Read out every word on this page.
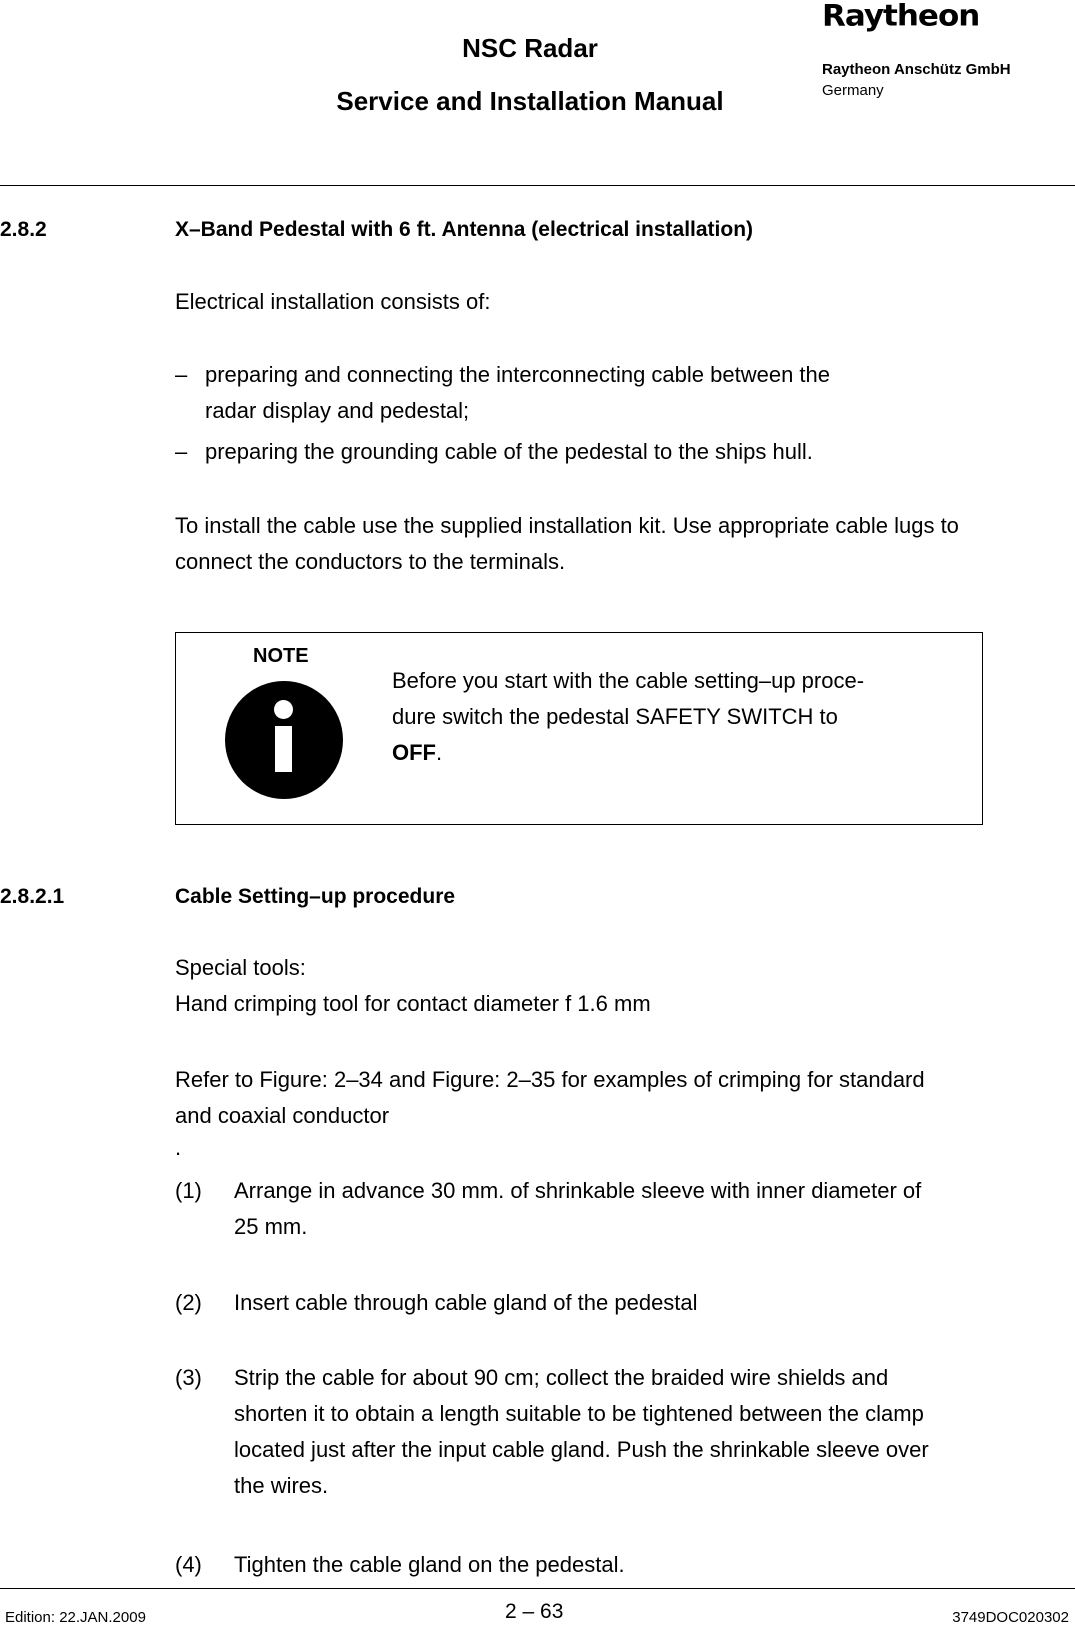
NSC Radar
Service and Installation Manual
Raytheon
Raytheon Anschütz GmbH
Germany
2.8.2	X–Band Pedestal with 6 ft. Antenna (electrical installation)
Electrical installation consists of:
– preparing and connecting the interconnecting cable between the
radar display and pedestal;
– preparing the grounding cable of the pedestal to the ships hull.
To install the cable use the supplied installation kit. Use appropriate cable lugs to
connect the conductors to the terminals.
NOTE
Before you start with the cable setting–up proce-
dure switch the pedestal SAFETY SWITCH to
OFF.
2.8.2.1	Cable Setting–up procedure
Special tools:
Hand crimping tool for contact diameter f 1.6 mm
Refer to Figure: 2–34 and Figure: 2–35 for examples of crimping for standard
and coaxial conductor
.
(1) Arrange in advance 30 mm. of shrinkable sleeve with inner diameter of
25 mm.
(2) Insert cable through cable gland of the pedestal
(3) Strip the cable for about 90 cm; collect the braided wire shields and
shorten it to obtain a length suitable to be tightened between the clamp
located just after the input cable gland. Push the shrinkable sleeve over
the wires.
(4) Tighten the cable gland on the pedestal.
Edition: 22.JAN.2009	2 – 63	3749DOC020302
